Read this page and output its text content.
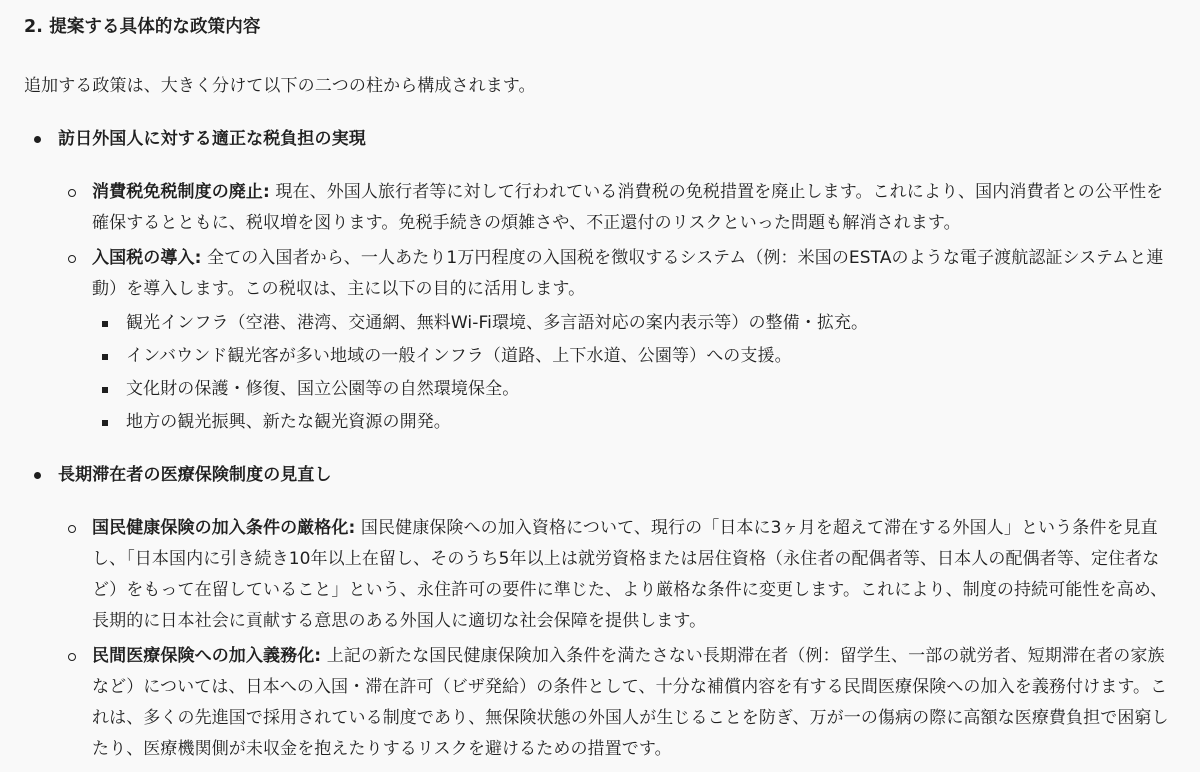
2. 提案する具体的な政策内容

追加する政策は、大きく分けて以下の二つの柱から構成されます。

訪日外国人に対する適正な税負担の実現
消費税免税制度の廃止: 現在、外国人旅行者等に対して行われている消費税の免税措置を廃止します。これにより、国内消費者との公平性を確保するとともに、税収増を図ります。免税手続きの煩雑さや、不正還付のリスクといった問題も解消されます。
入国税の導入: 全ての入国者から、一人あたり1万円程度の入国税を徴収するシステム（例：米国のESTAのような電子渡航認証システムと連動）を導入します。この税収は、主に以下の目的に活用します。
観光インフラ（空港、港湾、交通網、無料Wi-Fi環境、多言語対応の案内表示等）の整備・拡充。
インバウンド観光客が多い地域の一般インフラ（道路、上下水道、公園等）への支援。
文化財の保護・修復、国立公園等の自然環境保全。
地方の観光振興、新たな観光資源の開発。
長期滞在者の医療保険制度の見直し
国民健康保険の加入条件の厳格化: 国民健康保険への加入資格について、現行の「日本に3ヶ月を超えて滞在する外国人」という条件を見直し、「日本国内に引き続き10年以上在留し、そのうち5年以上は就労資格または居住資格（永住者の配偶者等、日本人の配偶者等、定住者など）をもって在留していること」という、永住許可の要件に準じた、より厳格な条件に変更します。これにより、制度の持続可能性を高め、長期的に日本社会に貢献する意思のある外国人に適切な社会保障を提供します。
民間医療保険への加入義務化: 上記の新たな国民健康保険加入条件を満たさない長期滞在者（例：留学生、一部の就労者、短期滞在者の家族など）については、日本への入国・滞在許可（ビザ発給）の条件として、十分な補償内容を有する民間医療保険への加入を義務付けます。これは、多くの先進国で採用されている制度であり、無保険状態の外国人が生じることを防ぎ、万が一の傷病の際に高額な医療費負担で困窮したり、医療機関側が未収金を抱えたりするリスクを避けるための措置です。
